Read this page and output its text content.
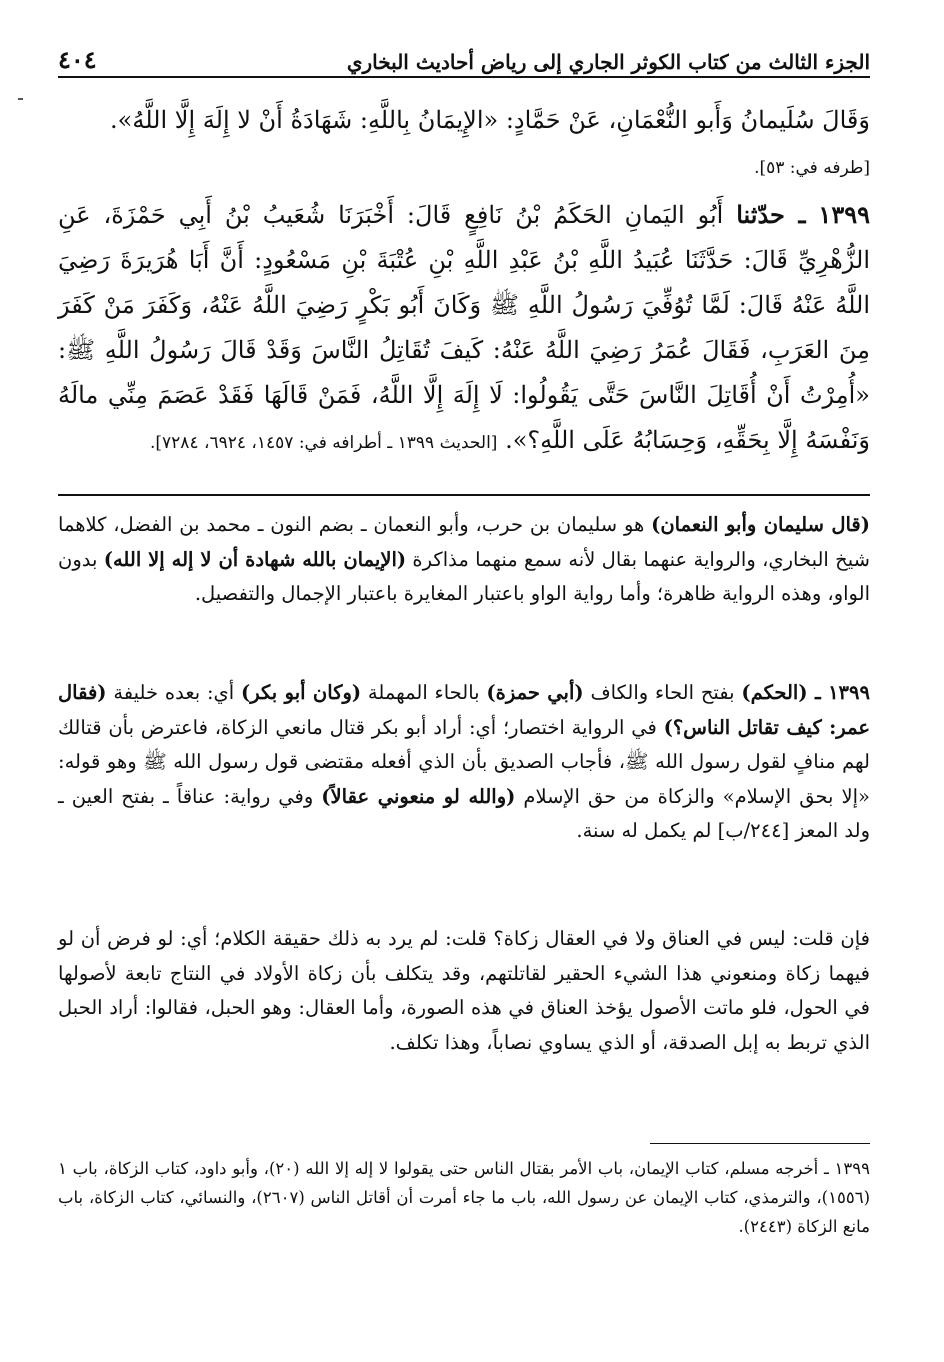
الجزء الثالث من كتاب الكوثر الجاري إلى رياض أحاديث البخاري
٤٠٤
وَقَالَ سُلَيمانُ وَأَبو النُّعْمَانِ، عَنْ حَمَّادٍ: «الإِيمَانُ بِاللَّهِ: شَهَادَةُ أَنْ لا إِلَهَ إِلَّا اللَّهُ».
[طرفه في: ٥٣].
١٣٩٩ ـ حدّثنا أَبُو اليَمانِ الحَكَمُ بْنُ نَافِعٍ قَالَ: أَخْبَرَنَا شُعَيبُ بْنُ أَبِي حَمْزَةَ، عَنِ الزُّهْرِيِّ قَالَ: حَدَّثَنَا عُبَيدُ اللَّهِ بْنُ عَبْدِ اللَّهِ بْنِ عُتْبَةَ بْنِ مَسْعُودٍ: أَنَّ أَبَا هُرَيرَةَ رَضِيَ اللَّهُ عَنْهُ قَالَ: لَمَّا تُوُفِّيَ رَسُولُ اللَّهِ ﷺ وَكَانَ أَبُو بَكْرٍ رَضِيَ اللَّهُ عَنْهُ، وَكَفَرَ مَنْ كَفَرَ مِنَ العَرَبِ، فَقَالَ عُمَرُ رَضِيَ اللَّهُ عَنْهُ: كَيفَ تُقَاتِلُ النَّاسَ وَقَدْ قَالَ رَسُولُ اللَّهِ ﷺ: «أُمِرْتُ أَنْ أُقَاتِلَ النَّاسَ حَتَّى يَقُولُوا: لَا إِلَهَ إِلَّا اللَّهُ، فَمَنْ قَالَهَا فَقَدْ عَصَمَ مِنِّي مالَهُ وَنَفْسَهُ إِلَّا بِحَقِّهِ، وَحِسَابُهُ عَلَى اللَّهِ؟». [الحديث ١٣٩٩ ـ أطرافه في: ١٤٥٧، ٦٩٢٤، ٧٢٨٤].
(قال سليمان وأبو النعمان) هو سليمان بن حرب، وأبو النعمان ـ بضم النون ـ محمد بن الفضل، كلاهما شيخ البخاري، والرواية عنهما بقال لأنه سمع منهما مذاكرة (الإيمان بالله شهادة أن لا إله إلا الله) بدون الواو، وهذه الرواية ظاهرة؛ وأما رواية الواو باعتبار المغايرة باعتبار الإجمال والتفصيل.
١٣٩٩ ـ (الحكم) بفتح الحاء والكاف (أبي حمزة) بالحاء المهملة (وكان أبو بكر) أي: بعده خليفة (فقال عمر: كيف تقاتل الناس؟) في الرواية اختصار؛ أي: أراد أبو بكر قتال مانعي الزكاة، فاعترض بأن قتالك لهم منافٍ لقول رسول الله ﷺ، فأجاب الصديق بأن الذي أفعله مقتضى قول رسول الله ﷺ وهو قوله: «إلا بحق الإسلام» والزكاة من حق الإسلام (والله لو منعوني عقالاً) وفي رواية: عناقاً ـ بفتح العين ـ ولد المعز [٢٤٤/ب] لم يكمل له سنة.
فإن قلت: ليس في العناق ولا في العقال زكاة؟ قلت: لم يرد به ذلك حقيقة الكلام؛ أي: لو فرض أن لو فيهما زكاة ومنعوني هذا الشيء الحقير لقاتلتهم، وقد يتكلف بأن زكاة الأولاد في النتاج تابعة لأصولها في الحول، فلو ماتت الأصول يؤخذ العناق في هذه الصورة، وأما العقال: وهو الحبل، فقالوا: أراد الحبل الذي تربط به إبل الصدقة، أو الذي يساوي نصاباً، وهذا تكلف.
١٣٩٩ ـ أخرجه مسلم، كتاب الإيمان، باب الأمر بقتال الناس حتى يقولوا لا إله إلا الله (٢٠)، وأبو داود، كتاب الزكاة، باب ١ (١٥٥٦)، والترمذي، كتاب الإيمان عن رسول الله، باب ما جاء أمرت أن أقاتل الناس (٢٦٠٧)، والنسائي، كتاب الزكاة، باب مانع الزكاة (٢٤٤٣).
